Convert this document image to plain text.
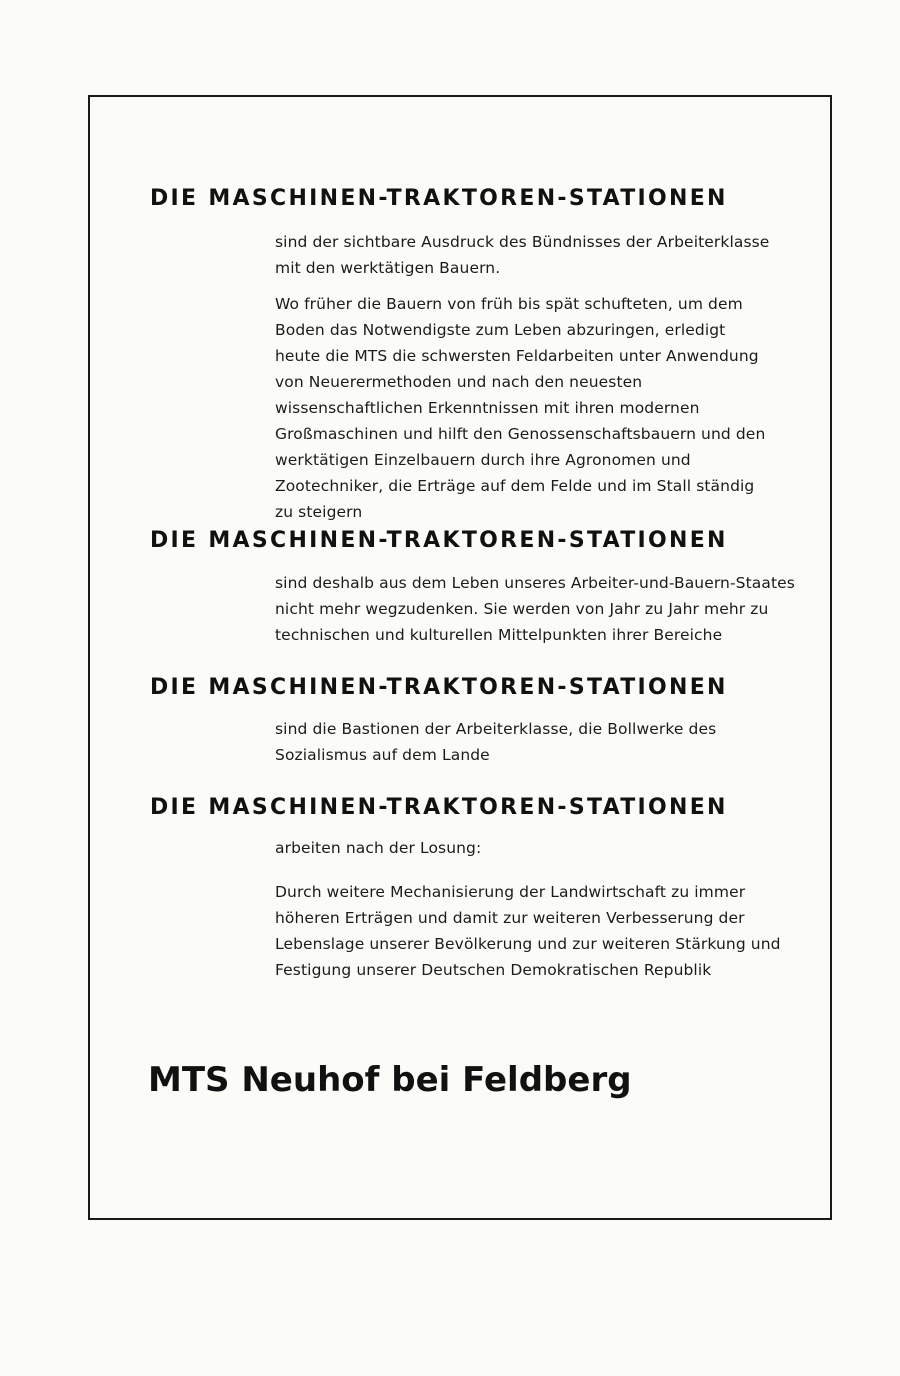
DIE MASCHINEN-TRAKTOREN-STATIONEN

sind der sichtbare Ausdruck des Bündnisses der Arbeiterklasse mit den werktätigen Bauern.

Wo früher die Bauern von früh bis spät schufteten, um dem Boden das Notwendigste zum Leben abzuringen, erledigt heute die MTS die schwersten Feldarbeiten unter Anwendung von Neuerermethoden und nach den neuesten wissenschaftlichen Erkenntnissen mit ihren modernen Großmaschinen und hilft den Genossenschaftsbauern und den werktätigen Einzelbauern durch ihre Agronomen und Zootechniker, die Erträge auf dem Felde und im Stall ständig zu steigern

DIE MASCHINEN-TRAKTOREN-STATIONEN

sind deshalb aus dem Leben unseres Arbeiter-und-Bauern-Staates nicht mehr wegzudenken. Sie werden von Jahr zu Jahr mehr zu technischen und kulturellen Mittelpunkten ihrer Bereiche

DIE MASCHINEN-TRAKTOREN-STATIONEN

sind die Bastionen der Arbeiterklasse, die Bollwerke des Sozialismus auf dem Lande

DIE MASCHINEN-TRAKTOREN-STATIONEN

arbeiten nach der Losung:

Durch weitere Mechanisierung der Landwirtschaft zu immer höheren Erträgen und damit zur weiteren Verbesserung der Lebenslage unserer Bevölkerung und zur weiteren Stärkung und Festigung unserer Deutschen Demokratischen Republik

MTS Neuhof bei Feldberg
